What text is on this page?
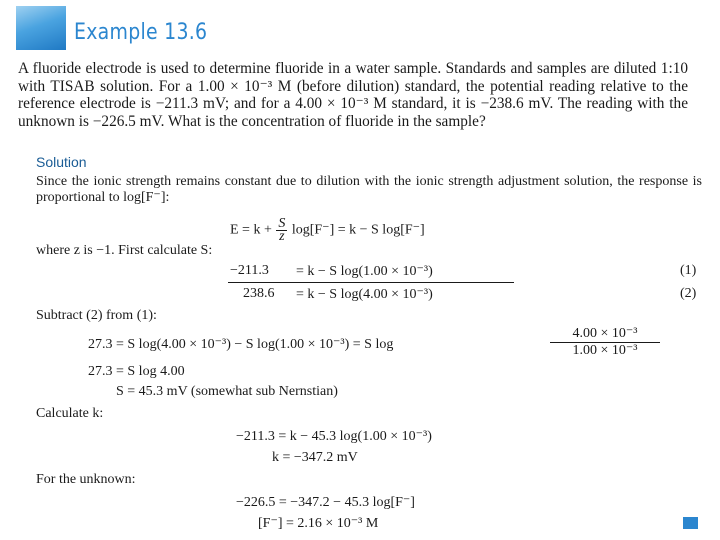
Example 13.6

A fluoride electrode is used to determine fluoride in a water sample. Standards and samples are diluted 1:10 with TISAB solution. For a 1.00 × 10⁻³ M (before dilution) standard, the potential reading relative to the reference electrode is −211.3 mV; and for a 4.00 × 10⁻³ M standard, it is −238.6 mV. The reading with the unknown is −226.5 mV. What is the concentration of fluoride in the sample?

Solution

Since the ionic strength remains constant due to dilution with the ionic strength adjustment solution, the response is proportional to log[F⁻]:

$E = k + \frac{S}{z} \log[F^-] = k - S$ log[F⁻]
where z is −1. First calculate S:
−211.3 = k − S log(1.00 × 10⁻³)	(1)
238.6 = k − S log(4.00 × 10⁻³)	(2)
Subtract (2) from (1):
27.3 = S log(4.00 × 10⁻³) − S log(1.00 × 10⁻³) = S log	$\frac{\text{4.00 × 10⁻³}}{\text{1.00 × 10⁻³}}$
27.3 = S log 4.00
S = 45.3 mV (somewhat sub Nernstian)
Calculate k:
−211.3 = k − 45.3 log(1.00 × 10⁻³)
k = −347.2 mV
For the unknown:
−226.5 = −347.2 − 45.3 log[F⁻]
[F⁻] = 2.16 × 10⁻³ M
